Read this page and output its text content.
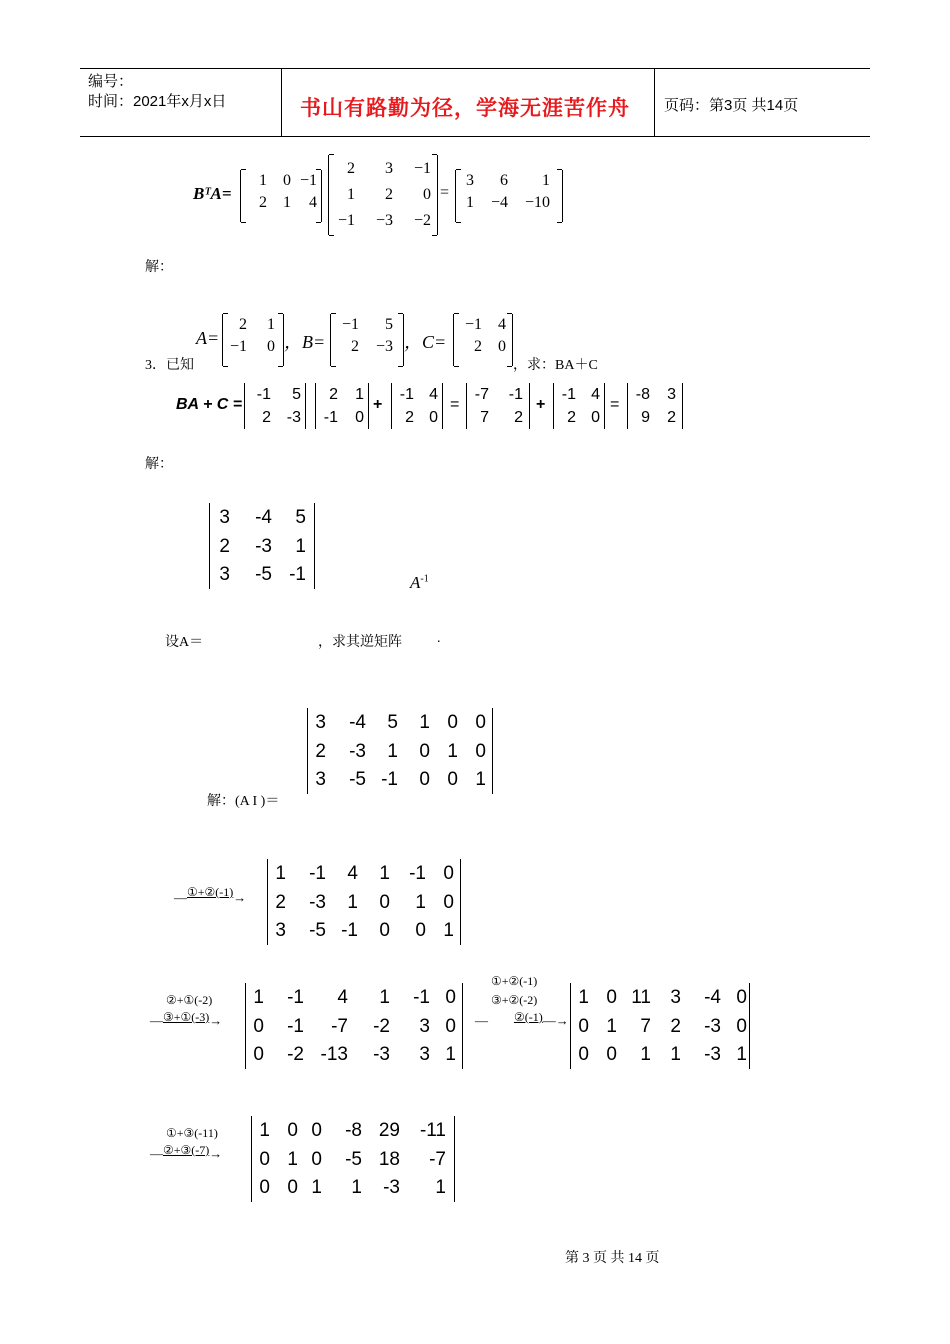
编号：
时间：2021年x月x日	书山有路勤为径，学海无涯苦作舟 页码：第3页 共14页
BᵀA=
1	0	−1
2	1	4
2	3	−1
1	2	0
−1	−3	−2
=
3	6	1
1	−4	−10
解：
A=
2	1
−1	0 ，B=
−1	5
2	−3 ，C=
−1	4
2	0
3．已知	，求：BA＋C
BA + C =
-1	5
2	-3
2	1
-1	0
+
-1	4
2	0
=
-7	-1
7	2
+
-1	4
2	0
=
-8	3
9	2
解：
3	-4	5
2	-3	1
3	-5	-1	$A^{-1}$
设A＝	，求其逆矩阵	.
解：(A I )＝
3	-4	5	1	0	0
2	-3	1	0	1	0
3	-5	-1	0	0	1
—①+②(-1)→
1	-1	4	1	-1	0
2	-3	1	0	1	0
3	-5	-1	0	0	1
②+①(-2)
—③+①(-3)→
1	-1	4	1	-1	0
0	-1	-7	-2	3	0
0	-2	-13	-3	3	1
①+②(-1)
③+②(-2)
— ②(-1)—→
1	0	11	3	-4	0
0	1	7	2	-3	0
0	0	1	1	-3	1
①+③(-11)
—②+③(-7)→
1	0	0	-8	29	-11
0	1	0	-5	18	-7
0	0	1	1	-3	1
第 3 页 共 14 页
